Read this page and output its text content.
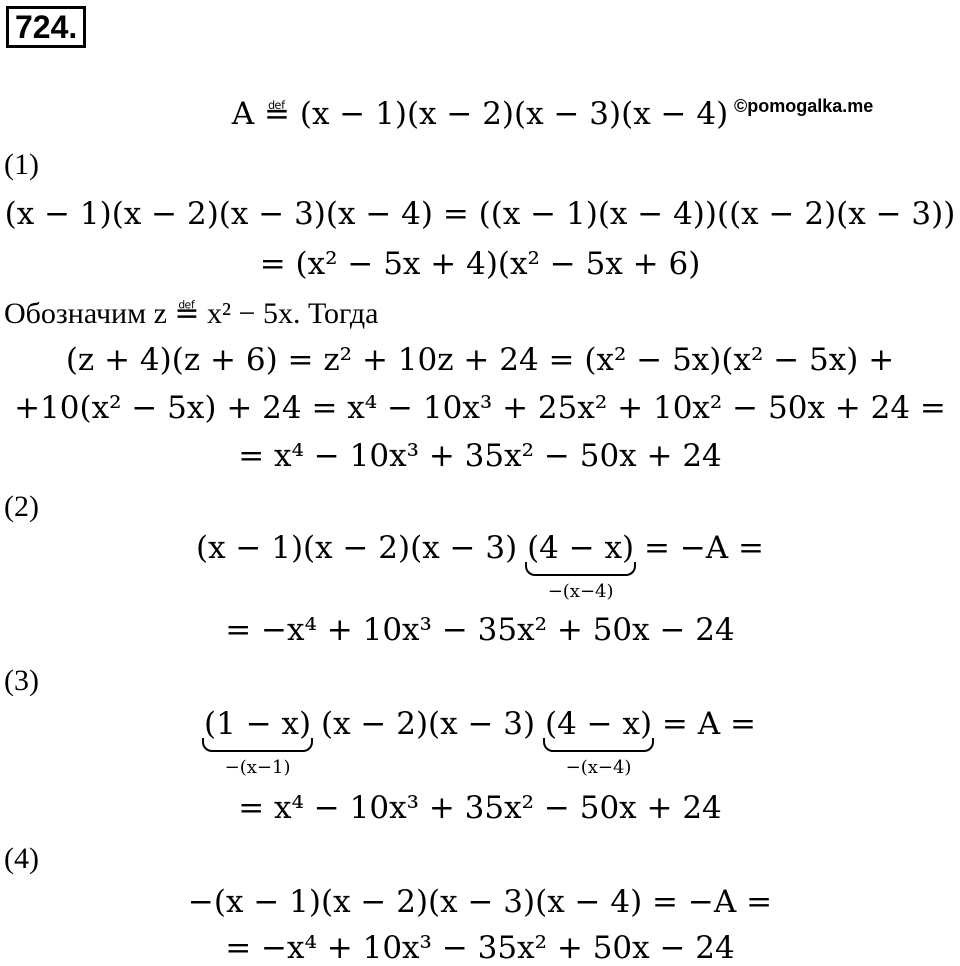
724.
A ≝ (x − 1)(x − 2)(x − 3)(x − 4) ©pomogalka.me
(1)
(x − 1)(x − 2)(x − 3)(x − 4) = ((x − 1)(x − 4))((x − 2)(x − 3))
= (x² − 5x + 4)(x² − 5x + 6)
Обозначим z ≝ x² − 5x. Тогда
(z + 4)(z + 6) = z² + 10z + 24 = (x² − 5x)(x² − 5x) +
+10(x² − 5x) + 24 = x⁴ − 10x³ + 25x² + 10x² − 50x + 24 =
= x⁴ − 10x³ + 35x² − 50x + 24
(2)
(x − 1)(x − 2)(x − 3) (4 − x)
−(x−4)
= −A =
= −x⁴ + 10x³ − 35x² + 50x − 24
(3)
(1 − x)
−(x−1)
(x − 2)(x − 3) (4 − x)
−(x−4)
= A =
= x⁴ − 10x³ + 35x² − 50x + 24
(4)
−(x − 1)(x − 2)(x − 3)(x − 4) = −A =
= −x⁴ + 10x³ − 35x² + 50x − 24
